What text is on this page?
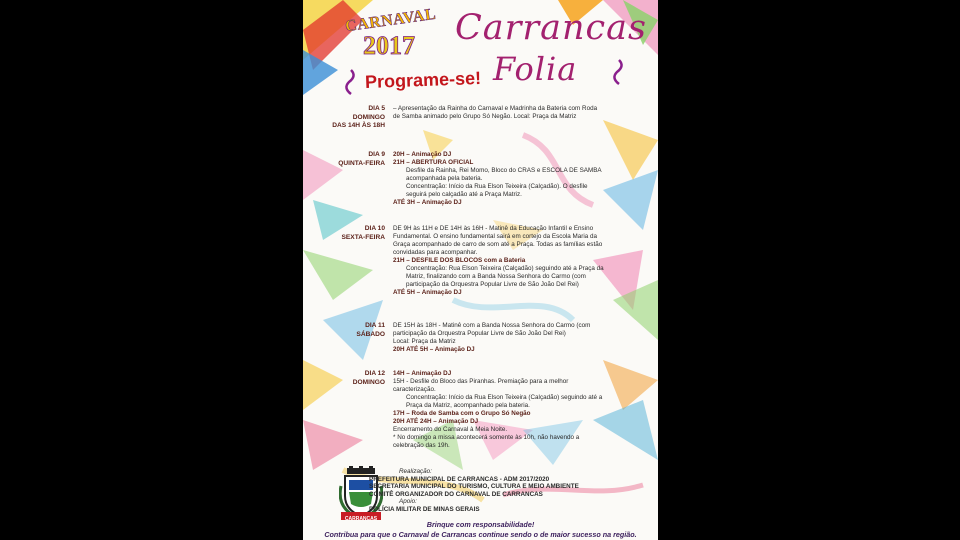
CARNAVAL
2017 Carrancas
Folia
Programe-se!
DIA 5
DOMINGO
DAS 14H ÀS 18H

– Apresentação da Rainha do Carnaval e Madrinha da Bateria com Roda de Samba animado pelo Grupo Só Negão. Local: Praça da Matriz

DIA 9
QUINTA-FEIRA

20H – Animação DJ

21H – ABERTURA OFICIAL

Desfile da Rainha, Rei Momo, Bloco do CRAS e ESCOLA DE SAMBA acompanhada pela bateria.

Concentração: Início da Rua Elson Teixeira (Calçadão). O desfile seguirá pelo calçadão até a Praça Matriz.

ATÉ 3H – Animação DJ

DIA 10
SEXTA-FEIRA

DE 9H às 11H e DE 14H às 16H - Matinê da Educação Infantil e Ensino Fundamental. O ensino fundamental sairá em cortejo da Escola Maria da Graça acompanhado de carro de som até a Praça. Todas as famílias estão convidadas para acompanhar.

21H – DESFILE DOS BLOCOS com a Bateria

Concentração: Rua Elson Teixeira (Calçadão) seguindo até a Praça da Matriz, finalizando com a Banda Nossa Senhora do Carmo (com participação da Orquestra Popular Livre de São João Del Rei)

ATÉ 5H – Animação DJ

DIA 11
SÁBADO

DE 15H às 18H - Matinê com a Banda Nossa Senhora do Carmo (com participação da Orquestra Popular Livre de São João Del Rei)

Local: Praça da Matriz

20H ATÉ 5H – Animação DJ

DIA 12
DOMINGO

14H – Animação DJ

15H - Desfile do Bloco das Piranhas. Premiação para a melhor caracterização.

Concentração: Início da Rua Elson Teixeira (Calçadão) seguindo até a Praça da Matriz, acompanhado pela bateria.

17H – Roda de Samba com o Grupo Só Negão

20H ATÉ 24H – Animação DJ

Encerramento do Carnaval à Meia Noite.

* No domingo a missa acontecerá somente às 10h, não havendo a celebração das 19h.

CARRANCAS
Realização:
PREFEITURA MUNICIPAL DE CARRANCAS - ADM 2017/2020
SECRETARIA MUNICIPAL DO TURISMO, CULTURA E MEIO AMBIENTE
COMITÊ ORGANIZADOR DO CARNAVAL DE CARRANCAS
Apoio:
POLÍCIA MILITAR DE MINAS GERAIS
Brinque com responsabilidade!
Contribua para que o Carnaval de Carrancas continue sendo o de maior sucesso na região.
